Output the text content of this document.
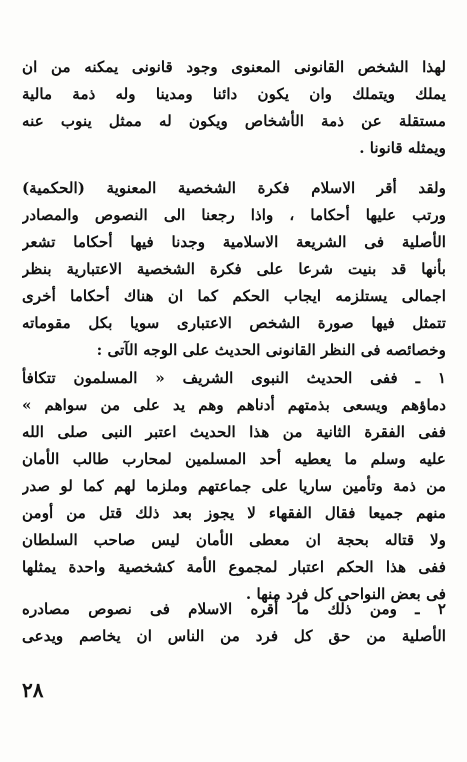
لهذا الشخص القانونى المعنوى وجود قانونى يمكنه من ان
يملك ويتملك وان يكون دائنا ومدينا وله ذمة مالية
مستقلة عن ذمة الأشخاص ويكون له ممثل ينوب عنه
ويمثله قانونا .
ولقد أقر الاسلام فكرة الشخصية المعنوية (الحكمية)
ورتب عليها أحكاما ، واذا رجعنا الى النصوص والمصادر
الأصلية فى الشريعة الاسلامية وجدنا فيها أحكاما تشعر
بأنها قد بنيت شرعا على فكرة الشخصية الاعتبارية بنظر
اجمالى يستلزمه ايجاب الحكم كما ان هناك أحكاما أخرى
تتمثل فيها صورة الشخص الاعتبارى سويا بكل مقوماته
وخصائصه فى النظر القانونى الحديث على الوجه الآتى :
١ ـ ففى الحديث النبوى الشريف « المسلمون تتكافأ
دماؤهم ويسعى بذمتهم أدناهم وهم يد على من سواهم »
ففى الفقرة الثانية من هذا الحديث اعتبر النبى صلى الله
عليه وسلم ما يعطيه أحد المسلمين لمحارب طالب الأمان
من ذمة وتأمين ساريا على جماعتهم وملزما لهم كما لو صدر
منهم جميعا فقال الفقهاء لا يجوز بعد ذلك قتل من أومن
ولا قتاله بحجة ان معطى الأمان ليس صاحب السلطان
ففى هذا الحكم اعتبار لمجموع الأمة كشخصية واحدة يمثلها
فى بعض النواحى كل فرد منها .
٢ ـ ومن ذلك ما أقره الاسلام فى نصوص مصادره
الأصلية من حق كل فرد من الناس ان يخاصم ويدعى
٢٨
